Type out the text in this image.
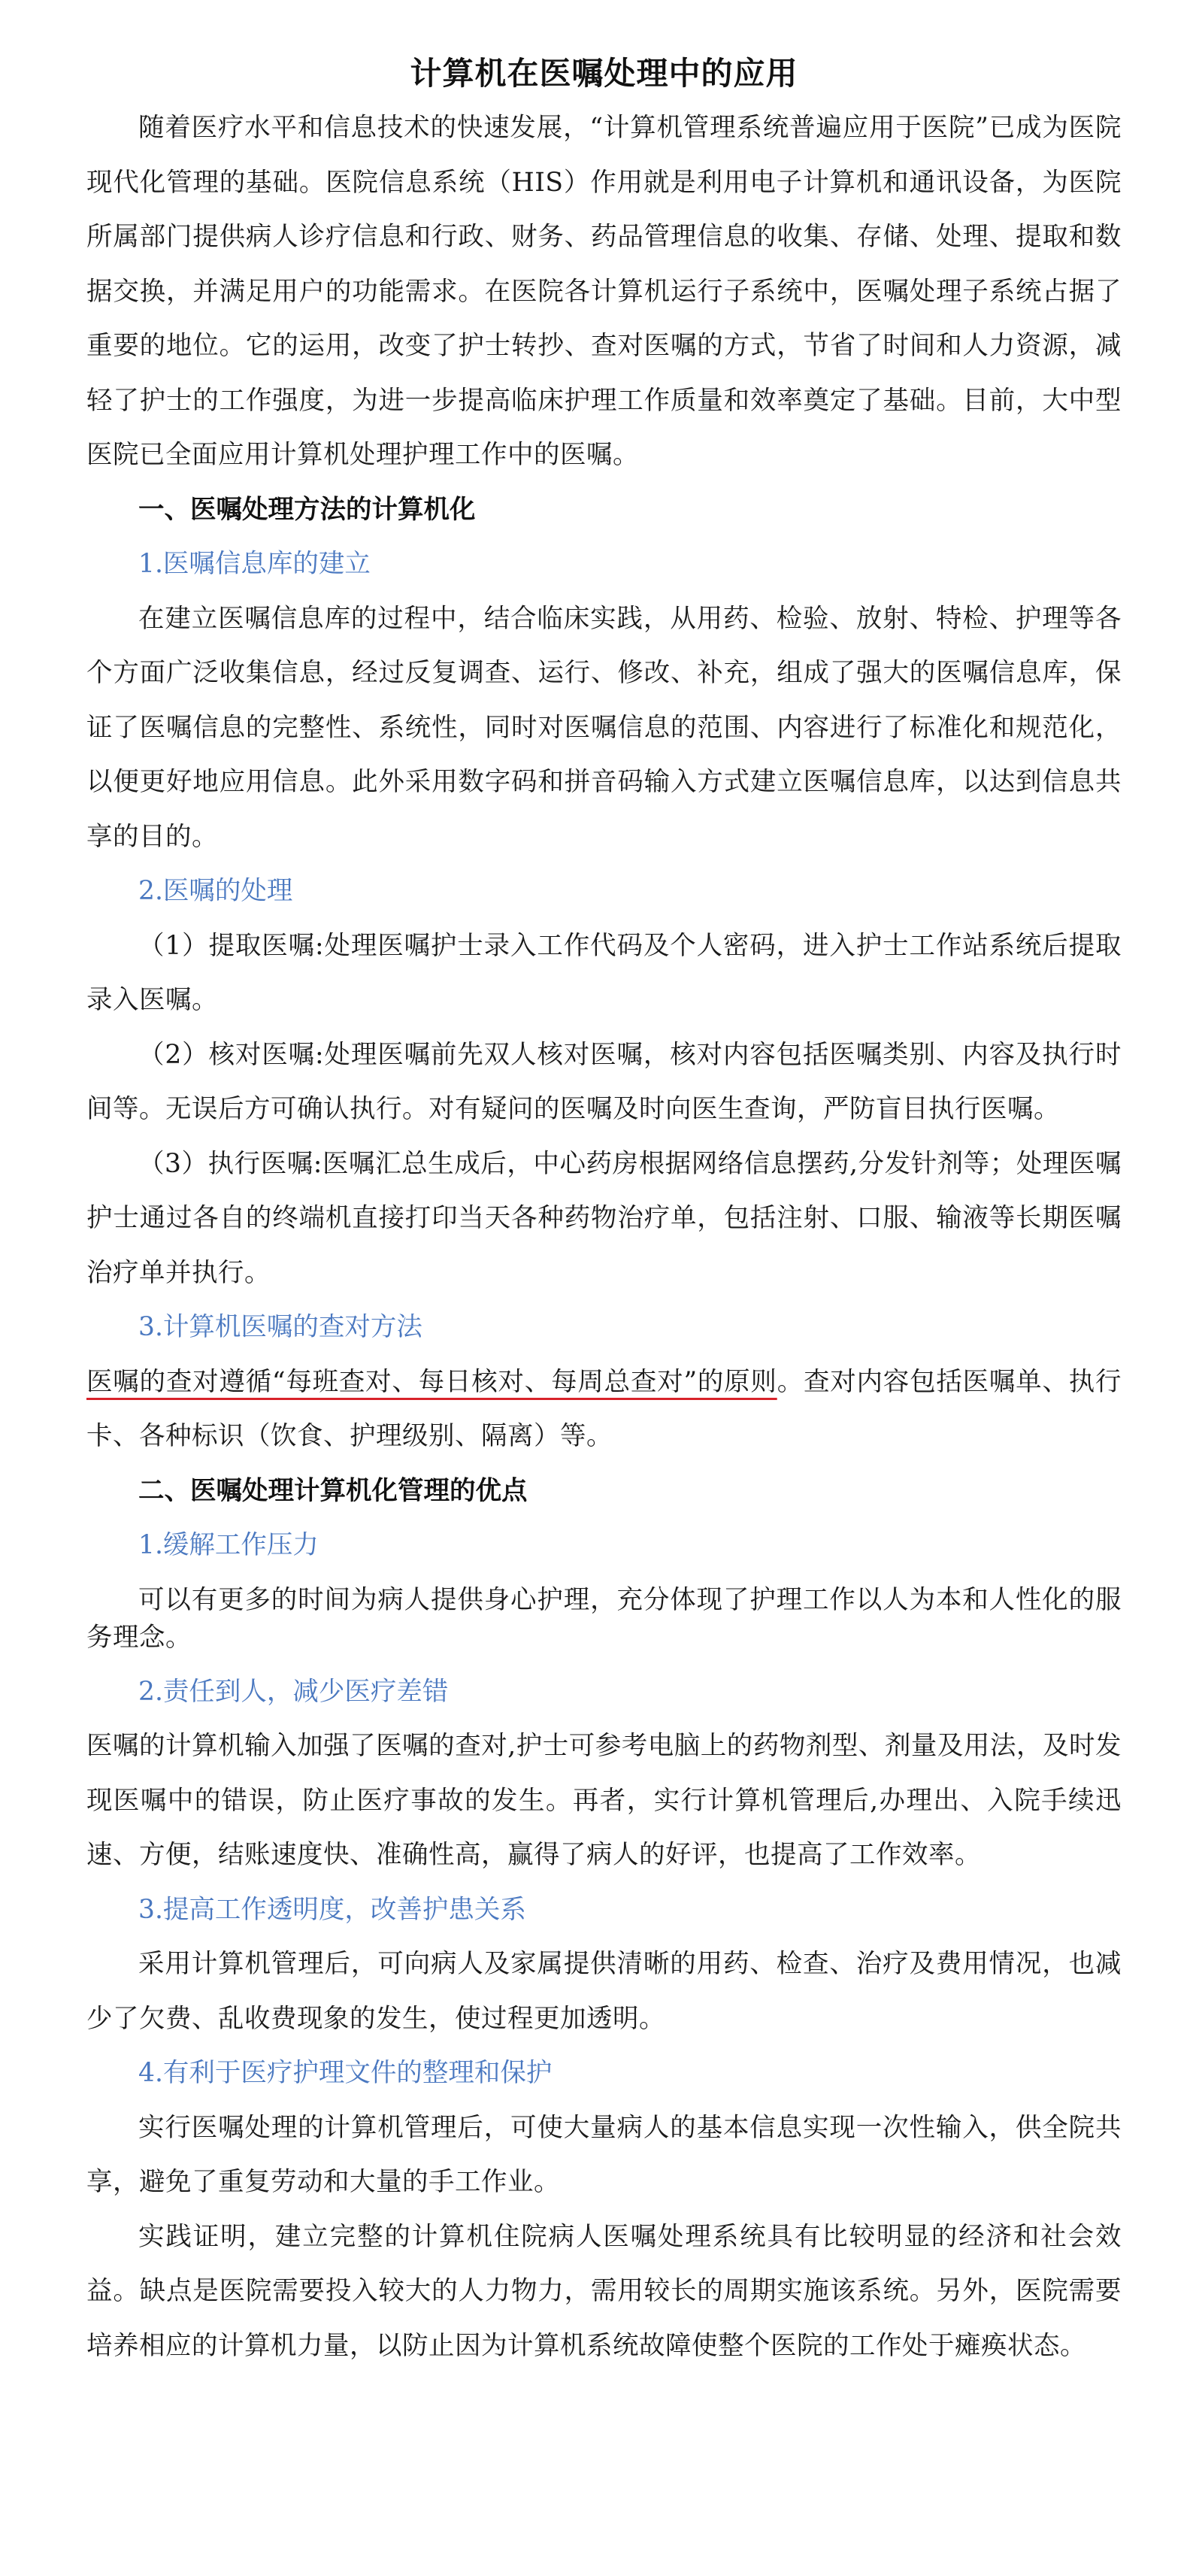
计算机在医嘱处理中的应用

随着医疗水平和信息技术的快速发展，“计算机管理系统普遍应用于医院”已成为医院现代化管理的基础。医院信息系统（HIS）作用就是利用电子计算机和通讯设备，为医院所属部门提供病人诊疗信息和行政、财务、药品管理信息的收集、存储、处理、提取和数据交换，并满足用户的功能需求。在医院各计算机运行子系统中，医嘱处理子系统占据了重要的地位。它的运用，改变了护士转抄、查对医嘱的方式，节省了时间和人力资源，减轻了护士的工作强度，为进一步提高临床护理工作质量和效率奠定了基础。目前，大中型医院已全面应用计算机处理护理工作中的医嘱。

一、医嘱处理方法的计算机化
1.医嘱信息库的建立

在建立医嘱信息库的过程中，结合临床实践，从用药、检验、放射、特检、护理等各个方面广泛收集信息，经过反复调查、运行、修改、补充，组成了强大的医嘱信息库，保证了医嘱信息的完整性、系统性，同时对医嘱信息的范围、内容进行了标准化和规范化，以便更好地应用信息。此外采用数字码和拼音码输入方式建立医嘱信息库，以达到信息共享的目的。

2.医嘱的处理

（1）提取医嘱:处理医嘱护士录入工作代码及个人密码，进入护士工作站系统后提取录入医嘱。

（2）核对医嘱:处理医嘱前先双人核对医嘱，核对内容包括医嘱类别、内容及执行时间等。无误后方可确认执行。对有疑问的医嘱及时向医生查询，严防盲目执行医嘱。

（3）执行医嘱:医嘱汇总生成后，中心药房根据网络信息摆药,分发针剂等；处理医嘱护士通过各自的终端机直接打印当天各种药物治疗单，包括注射、口服、输液等长期医嘱治疗单并执行。

3.计算机医嘱的查对方法

医嘱的查对遵循“每班查对、每日核对、每周总查对”的原则。查对内容包括医嘱单、执行卡、各种标识（饮食、护理级别、隔离）等。

二、医嘱处理计算机化管理的优点
1.缓解工作压力

可以有更多的时间为病人提供身心护理，充分体现了护理工作以人为本和人性化的服务理念。

2.责任到人，减少医疗差错

医嘱的计算机输入加强了医嘱的查对,护士可参考电脑上的药物剂型、剂量及用法，及时发现医嘱中的错误，防止医疗事故的发生。再者，实行计算机管理后,办理出、入院手续迅速、方便，结账速度快、准确性高，赢得了病人的好评，也提高了工作效率。

3.提高工作透明度，改善护患关系

采用计算机管理后，可向病人及家属提供清晰的用药、检查、治疗及费用情况，也减少了欠费、乱收费现象的发生，使过程更加透明。

4.有利于医疗护理文件的整理和保护

实行医嘱处理的计算机管理后，可使大量病人的基本信息实现一次性输入，供全院共享，避免了重复劳动和大量的手工作业。

实践证明，建立完整的计算机住院病人医嘱处理系统具有比较明显的经济和社会效益。缺点是医院需要投入较大的人力物力，需用较长的周期实施该系统。另外，医院需要培养相应的计算机力量，以防止因为计算机系统故障使整个医院的工作处于瘫痪状态。
